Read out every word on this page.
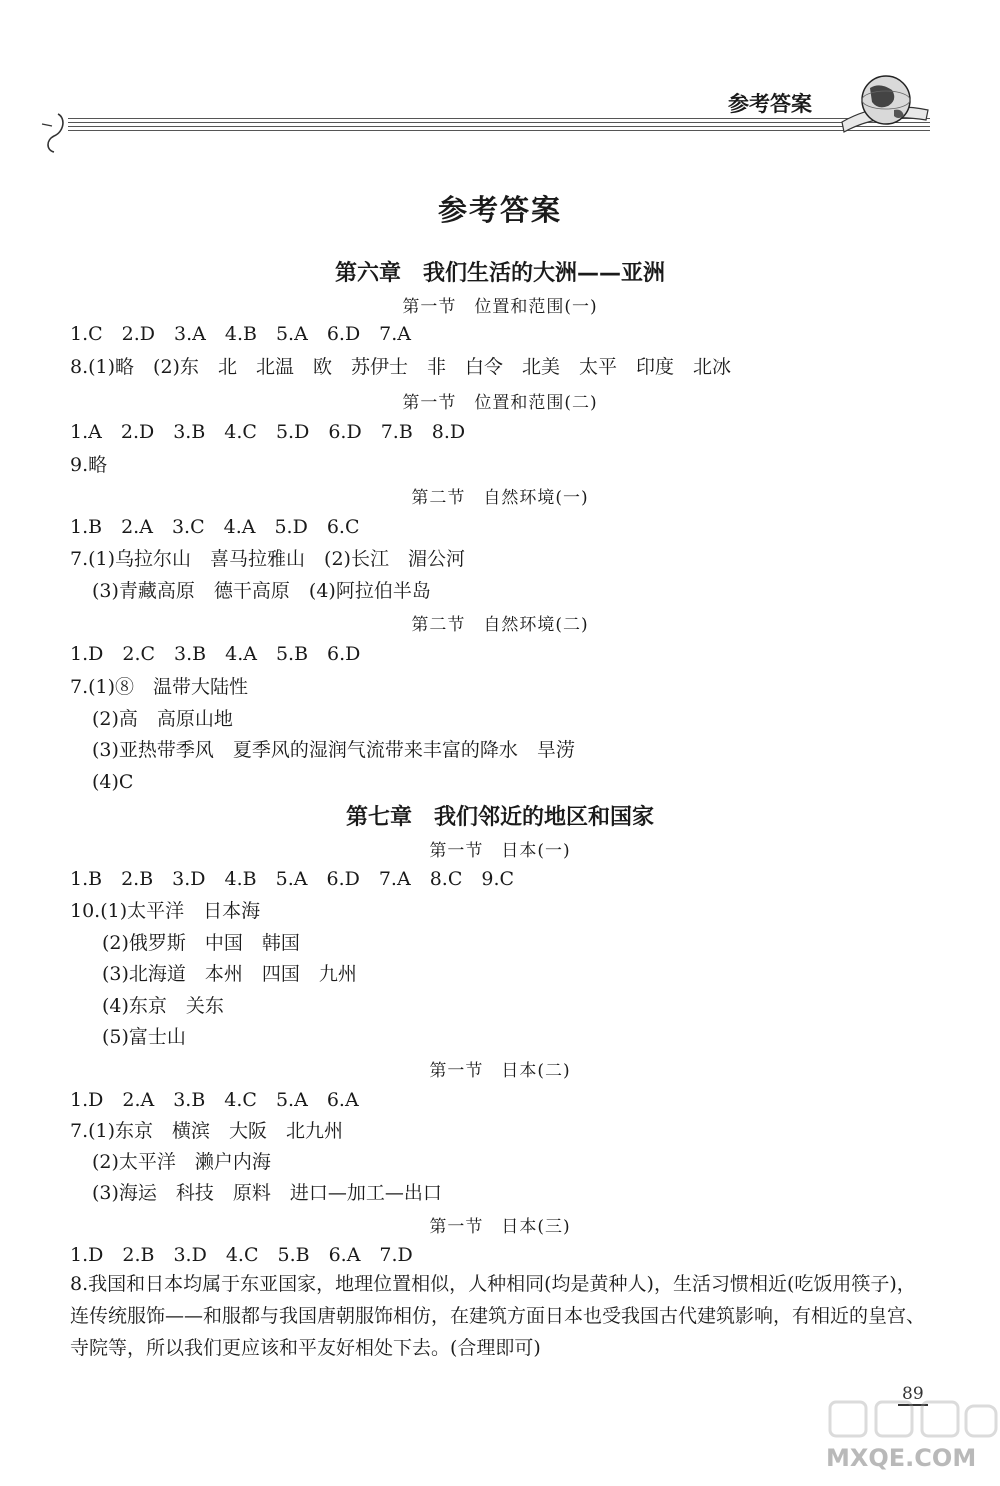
参考答案
参考答案
第六章　我们生活的大洲——亚洲
第一节　位置和范围(一)
1.C　2.D　3.A　4.B　5.A　6.D　7.A
8.(1)略　(2)东　北　北温　欧　苏伊士　非　白令　北美　太平　印度　北冰
第一节　位置和范围(二)
1.A　2.D　3.B　4.C　5.D　6.D　7.B　8.D
9.略
第二节　自然环境(一)
1.B　2.A　3.C　4.A　5.D　6.C
7.(1)乌拉尔山　喜马拉雅山　(2)长江　湄公河
(3)青藏高原　德干高原　(4)阿拉伯半岛
第二节　自然环境(二)
1.D　2.C　3.B　4.A　5.B　6.D
7.(1)⑧　温带大陆性
(2)高　高原山地
(3)亚热带季风　夏季风的湿润气流带来丰富的降水　旱涝
(4)C
第七章　我们邻近的地区和国家
第一节　日本(一)
1.B　2.B　3.D　4.B　5.A　6.D　7.A　8.C　9.C
10.(1)太平洋　日本海
(2)俄罗斯　中国　韩国
(3)北海道　本州　四国　九州
(4)东京　关东
(5)富士山
第一节　日本(二)
1.D　2.A　3.B　4.C　5.A　6.A
7.(1)东京　横滨　大阪　北九州
(2)太平洋　濑户内海
(3)海运　科技　原料　进口—加工—出口
第一节　日本(三)
1.D　2.B　3.D　4.C　5.B　6.A　7.D
8.我国和日本均属于东亚国家，地理位置相似，人种相同(均是黄种人)，生活习惯相近(吃饭用筷子)，连传统服饰——和服都与我国唐朝服饰相仿，在建筑方面日本也受我国古代建筑影响，有相近的皇宫、寺院等，所以我们更应该和平友好相处下去。(合理即可)
89
MXQE.COM
